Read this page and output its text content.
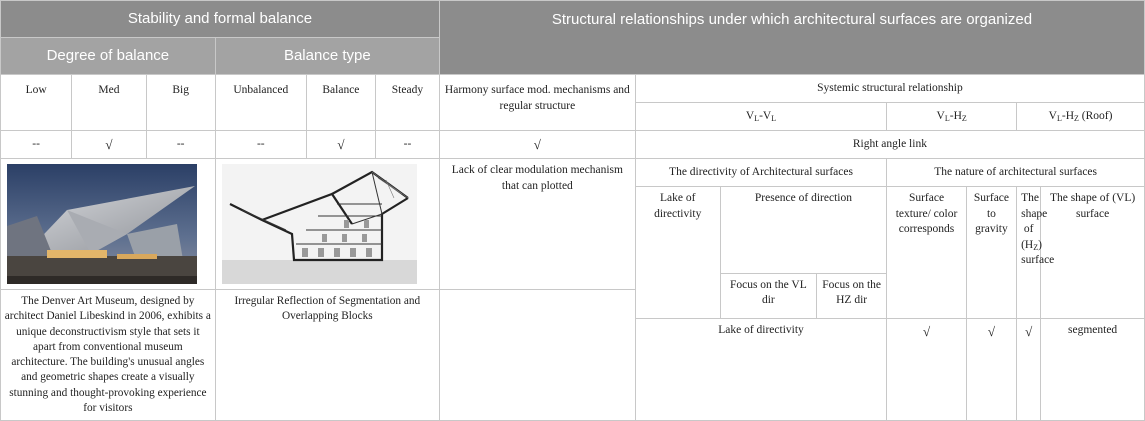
Stability and formal balance						Structural relationships under which architectural surfaces are organized							
Degree of balance			Balance type										
Low	Med	Big	Unbalanced	Balance	Steady	Harmony surface mod. mechanisms and regular structure	Systemic structural relationship						
							$V_L-V_L$			$V_L-H_Z$		$V_L-H_Z$ (Roof)	
--	√	--	--	√	--	√	Right angle link						

	Lack of clear modulation mechanism that can plotted	The directivity of Architectural surfaces			The nature of architectural surfaces			
							Lake of directivity	Presence of direction		Surface texture/ color corresponds	Surface to gravity	The shape of $(H_Z)$ surface	The shape of (VL) surface
								Focus on the VL dir	Focus on the HZ dir				
The Denver Art Museum, designed by architect Daniel Libeskind in 2006, exhibits a unique deconstructivism style that sets it apart from conventional museum architecture. The building's unusual angles and geometric shapes create a visually stunning and thought-provoking experience for visitors			Irregular Reflection of Segmentation and Overlapping Blocks										
							Lake of directivity			√	√	√	segmented
